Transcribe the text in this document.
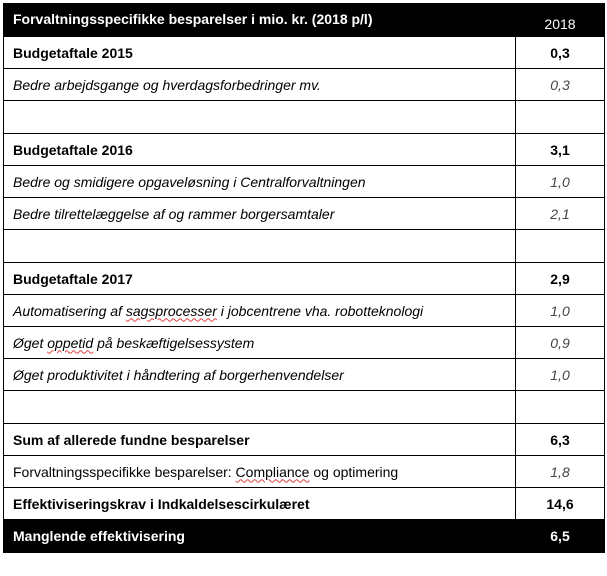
Forvaltningsspecifikke besparelser i mio. kr. (2018 p/l)	2018
Budgetaftale 2015	0,3
Bedre arbejdsgange og hverdagsforbedringer mv.	0,3

Budgetaftale 2016	3,1
Bedre og smidigere opgaveløsning i Centralforvaltningen	1,0
Bedre tilrettelæggelse af og rammer borgersamtaler	2,1

Budgetaftale 2017	2,9
Automatisering af sagsprocesser i jobcentrene vha. robotteknologi	1,0
Øget oppetid på beskæftigelsessystem	0,9
Øget produktivitet i håndtering af borgerhenvendelser	1,0

Sum af allerede fundne besparelser	6,3
Forvaltningsspecifikke besparelser: Compliance og optimering	1,8
Effektiviseringskrav i Indkaldelsescirkulæret	14,6
Manglende effektivisering	6,5
